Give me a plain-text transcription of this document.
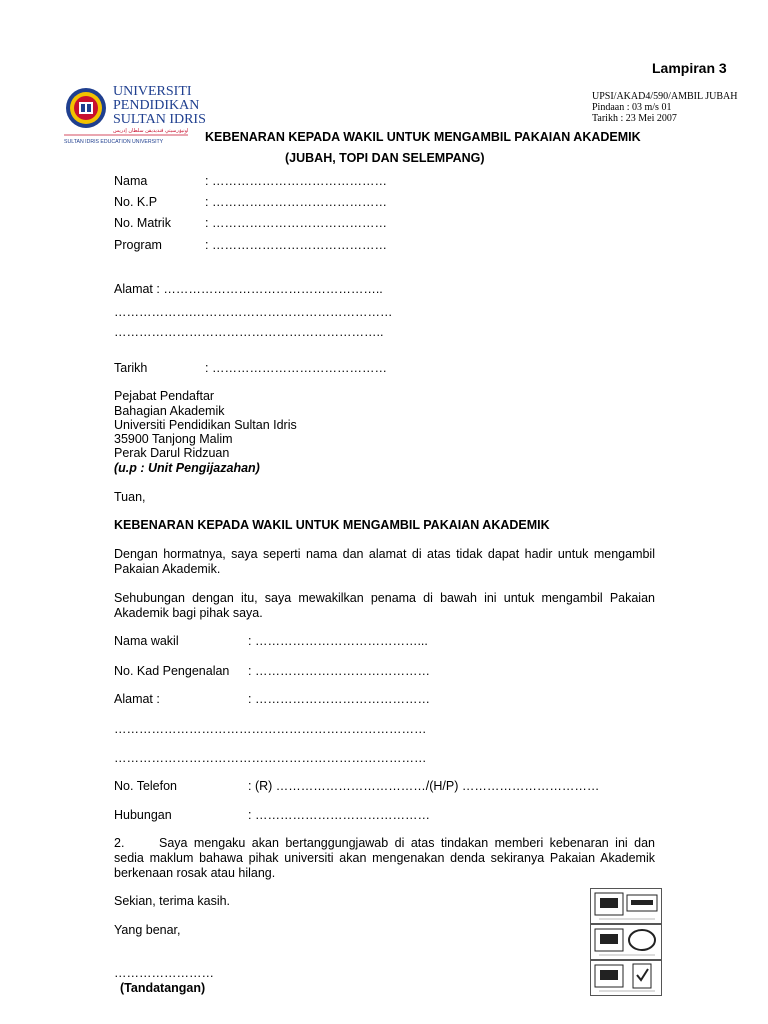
Lampiran 3
UPSI/AKAD4/590/AMBIL JUBAH
Pindaan : 03 m/s 01
Tarikh : 23 Mei 2007
UNIVERSITI
PENDIDIKAN
SULTAN IDRIS
اونيۏرسيتي ڤنديديقن سلطان إدريس
SULTAN IDRIS EDUCATION UNIVERSITY	KEBENARAN KEPADA WAKIL UNTUK MENGAMBIL PAKAIAN AKADEMIK
(JUBAH, TOPI DAN SELEMPANG)
Nama	: ……………………………………
No. K.P	: ……………………………………
No. Matrik	: ……………………………………
Program	: ……………………………………
Alamat : ……………………………………………..
……………….…………………………………………
………………………………………………………..
Tarikh	: ……………………………………
Pejabat Pendaftar
Bahagian Akademik
Universiti Pendidikan Sultan Idris
35900 Tanjong Malim
Perak Darul Ridzuan
(u.p : Unit Pengijazahan)
Tuan,
KEBENARAN KEPADA WAKIL UNTUK MENGAMBIL PAKAIAN AKADEMIK
Dengan hormatnya, saya seperti nama dan alamat di atas tidak dapat hadir untuk mengambil Pakaian Akademik.
Sehubungan dengan itu, saya mewakilkan penama di bawah ini untuk mengambil Pakaian Akademik bagi pihak saya.
Nama wakil	: …………………………………...
No. Kad Pengenalan : ……………………………………
Alamat :	: ……………………………………
…………………………………………………………………
…………………………………………………………………
No. Telefon	: (R) ………………………………/(H/P) ……………………………
Hubungan	: ……………………………………
2.	Saya mengaku akan bertanggungjawab di atas tindakan memberi kebenaran ini dan sedia maklum bahawa pihak universiti akan mengenakan denda sekiranya Pakaian Akademik berkenaan rosak atau hilang.
Sekian, terima kasih.
Yang benar,
……………………
(Tandatangan)
